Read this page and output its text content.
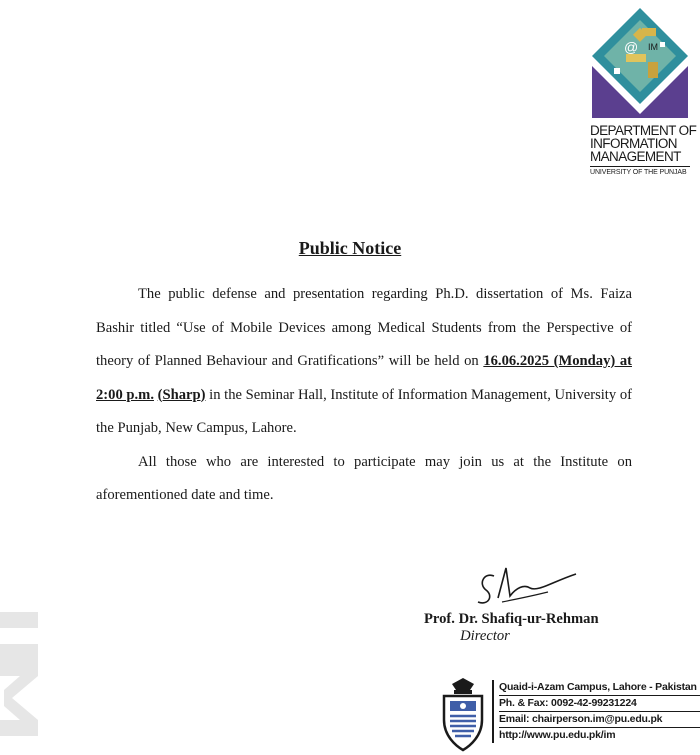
@ IM
DEPARTMENT OF
INFORMATION
MANAGEMENT
UNIVERSITY OF THE PUNJAB
Public Notice

The public defense and presentation regarding Ph.D. dissertation of Ms. Faiza Bashir titled “Use of Mobile Devices among Medical Students from the Perspective of theory of Planned Behaviour and Gratifications” will be held on 16.06.2025 (Monday) at 2:00 p.m. (Sharp) in the Seminar Hall, Institute of Information Management, University of the Punjab, New Campus, Lahore.

All those who are interested to participate may join us at the Institute on aforementioned date and time.

Prof. Dr. Shafiq-ur-Rehman
Director
Quaid-i-Azam Campus, Lahore - Pakistan
Ph. & Fax: 0092-42-99231224
Email: chairperson.im@pu.edu.pk
http://www.pu.edu.pk/im
